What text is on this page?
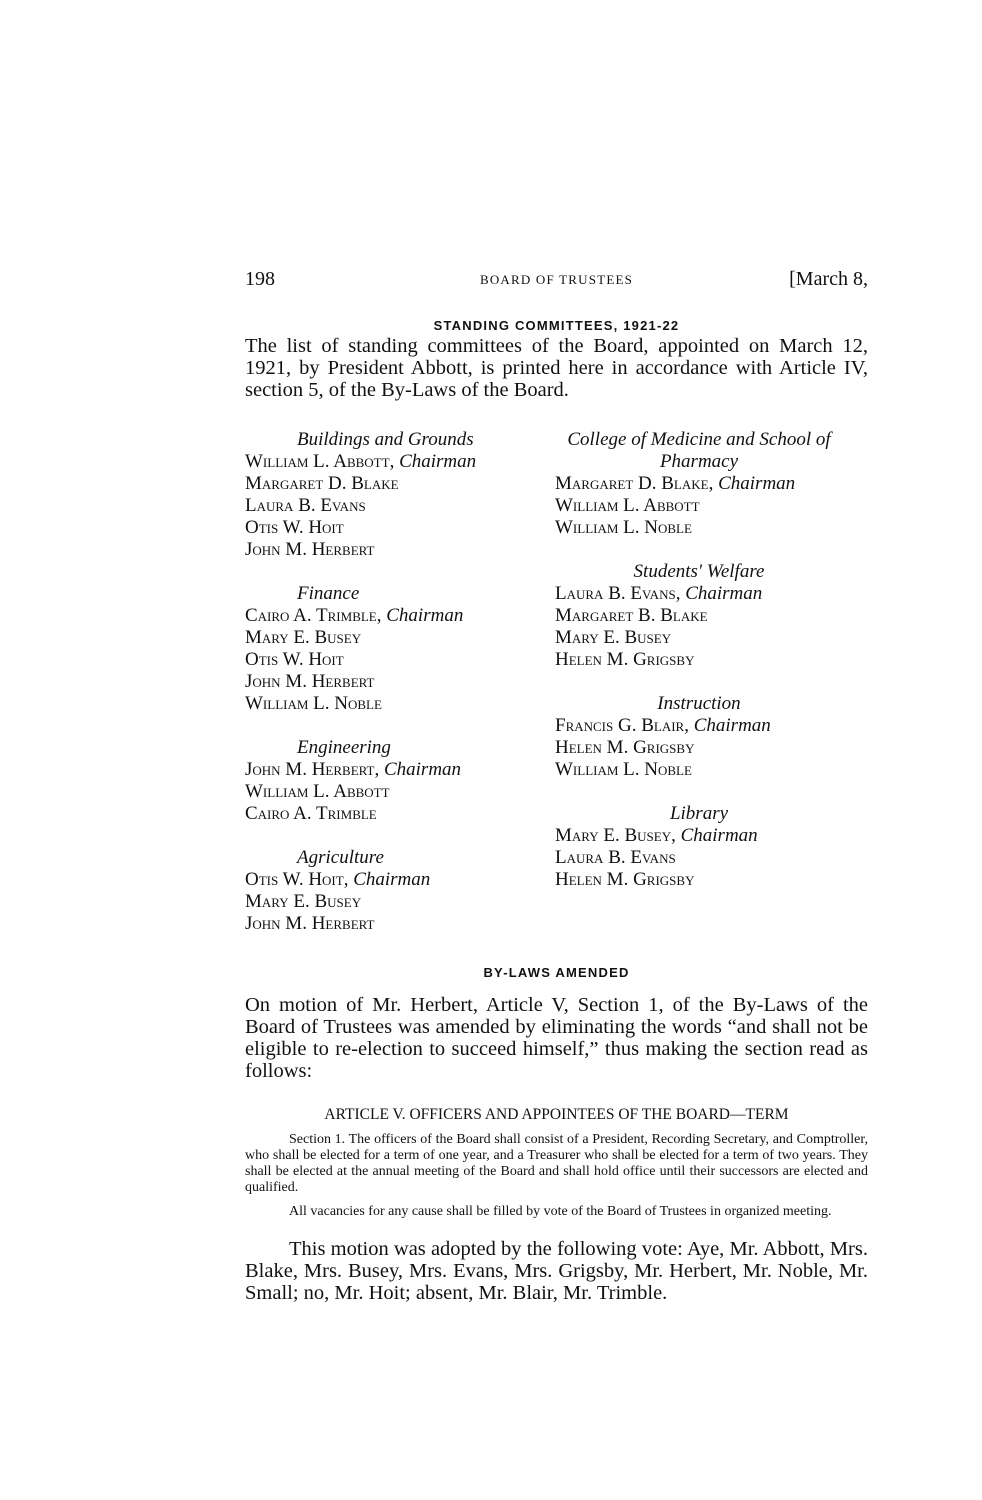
198	BOARD OF TRUSTEES	[March 8,
STANDING COMMITTEES, 1921-22

The list of standing committees of the Board, appointed on March 12, 1921, by President Abbott, is printed here in accordance with Article IV, section 5, of the By-Laws of the Board.

Buildings and Grounds
William L. Abbott, Chairman
Margaret D. Blake
Laura B. Evans
Otis W. Hoit
John M. Herbert
Finance
Cairo A. Trimble, Chairman
Mary E. Busey
Otis W. Hoit
John M. Herbert
William L. Noble
Engineering
John M. Herbert, Chairman
William L. Abbott
Cairo A. Trimble
Agriculture
Otis W. Hoit, Chairman
Mary E. Busey
John M. Herbert
College of Medicine and School of Pharmacy
Margaret D. Blake, Chairman
William L. Abbott
William L. Noble
Students' Welfare
Laura B. Evans, Chairman
Margaret B. Blake
Mary E. Busey
Helen M. Grigsby
Instruction
Francis G. Blair, Chairman
Helen M. Grigsby
William L. Noble
Library
Mary E. Busey, Chairman
Laura B. Evans
Helen M. Grigsby
BY-LAWS AMENDED

On motion of Mr. Herbert, Article V, Section 1, of the By-Laws of the Board of Trustees was amended by eliminating the words “and shall not be eligible to re-election to succeed himself,” thus making the section read as follows:

ARTICLE V. OFFICERS AND APPOINTEES OF THE BOARD—TERM

Section 1. The officers of the Board shall consist of a President, Recording Secretary, and Comptroller, who shall be elected for a term of one year, and a Treasurer who shall be elected for a term of two years. They shall be elected at the annual meeting of the Board and shall hold office until their successors are elected and qualified.

All vacancies for any cause shall be filled by vote of the Board of Trustees in organized meeting.

This motion was adopted by the following vote: Aye, Mr. Abbott, Mrs. Blake, Mrs. Busey, Mrs. Evans, Mrs. Grigsby, Mr. Herbert, Mr. Noble, Mr. Small; no, Mr. Hoit; absent, Mr. Blair, Mr. Trimble.
